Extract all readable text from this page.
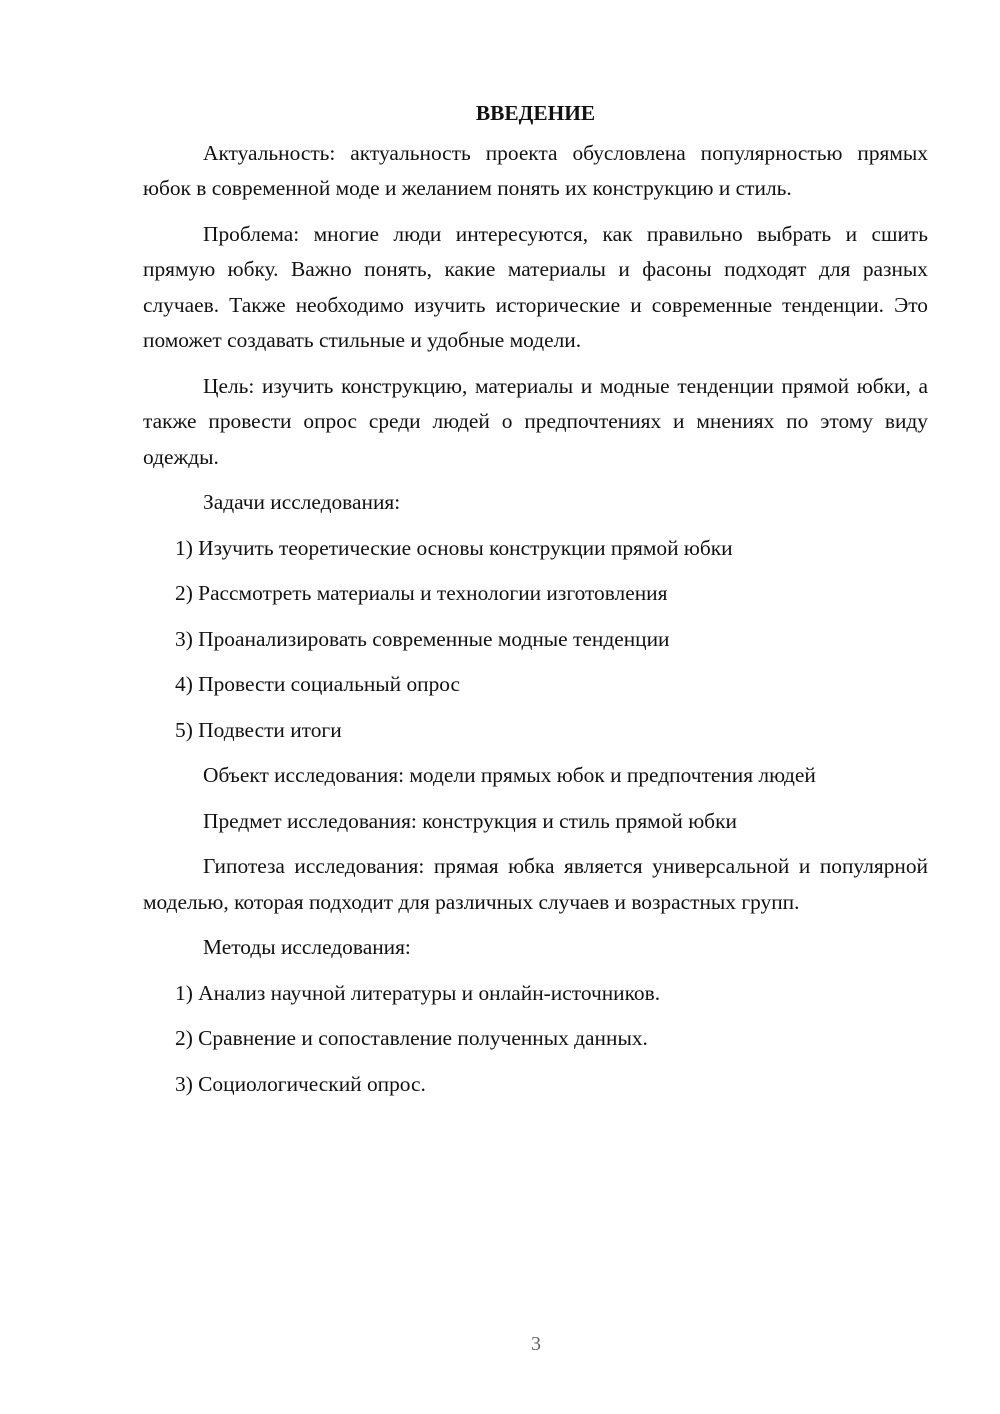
ВВЕДЕНИЕ

Актуальность: актуальность проекта обусловлена популярностью прямых юбок в современной моде и желанием понять их конструкцию и стиль.

Проблема: многие люди интересуются, как правильно выбрать и сшить прямую юбку. Важно понять, какие материалы и фасоны подходят для разных случаев. Также необходимо изучить исторические и современные тенденции. Это поможет создавать стильные и удобные модели.

Цель: изучить конструкцию, материалы и модные тенденции прямой юбки, а также провести опрос среди людей о предпочтениях и мнениях по этому виду одежды.

Задачи исследования:
1) Изучить теоретические основы конструкции прямой юбки
2) Рассмотреть материалы и технологии изготовления
3) Проанализировать современные модные тенденции
4) Провести социальный опрос
5) Подвести итоги
Объект исследования: модели прямых юбок и предпочтения людей
Предмет исследования: конструкция и стиль прямой юбки

Гипотеза исследования: прямая юбка является универсальной и популярной моделью, которая подходит для различных случаев и возрастных групп.

Методы исследования:
1) Анализ научной литературы и онлайн-источников.
2) Сравнение и сопоставление полученных данных.
3) Социологический опрос.
3
